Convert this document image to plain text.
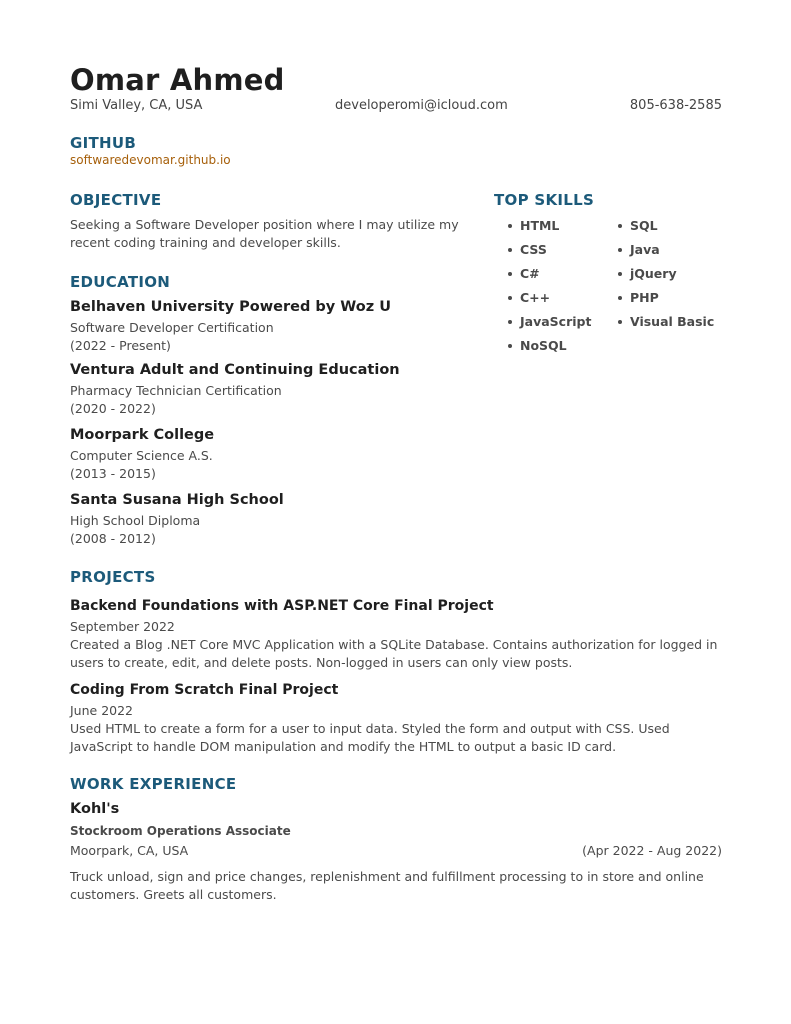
Omar Ahmed
Simi Valley, CA, USA	developeromi@icloud.com	805-638-2585
GITHUB
softwaredevomar.github.io
OBJECTIVE

Seeking a Software Developer position where I may utilize my recent coding training and developer skills.

TOP SKILLS
HTML
CSS
C#
C++
JavaScript
NoSQL
SQL
Java
jQuery
PHP
Visual Basic
EDUCATION
Belhaven University Powered by Woz U
Software Developer Certification
(2022 - Present)
Ventura Adult and Continuing Education
Pharmacy Technician Certification
(2020 - 2022)
Moorpark College
Computer Science A.S.
(2013 - 2015)
Santa Susana High School
High School Diploma
(2008 - 2012)
PROJECTS
Backend Foundations with ASP.NET Core Final Project
September 2022

Created a Blog .NET Core MVC Application with a SQLite Database. Contains authorization for logged in users to create, edit, and delete posts. Non-logged in users can only view posts.

Coding From Scratch Final Project
June 2022

Used HTML to create a form for a user to input data. Styled the form and output with CSS. Used JavaScript to handle DOM manipulation and modify the HTML to output a basic ID card.

WORK EXPERIENCE
Kohl's
Stockroom Operations Associate
Moorpark, CA, USA	(Apr 2022 - Aug 2022)

Truck unload, sign and price changes, replenishment and fulfillment processing to in store and online customers. Greets all customers.
